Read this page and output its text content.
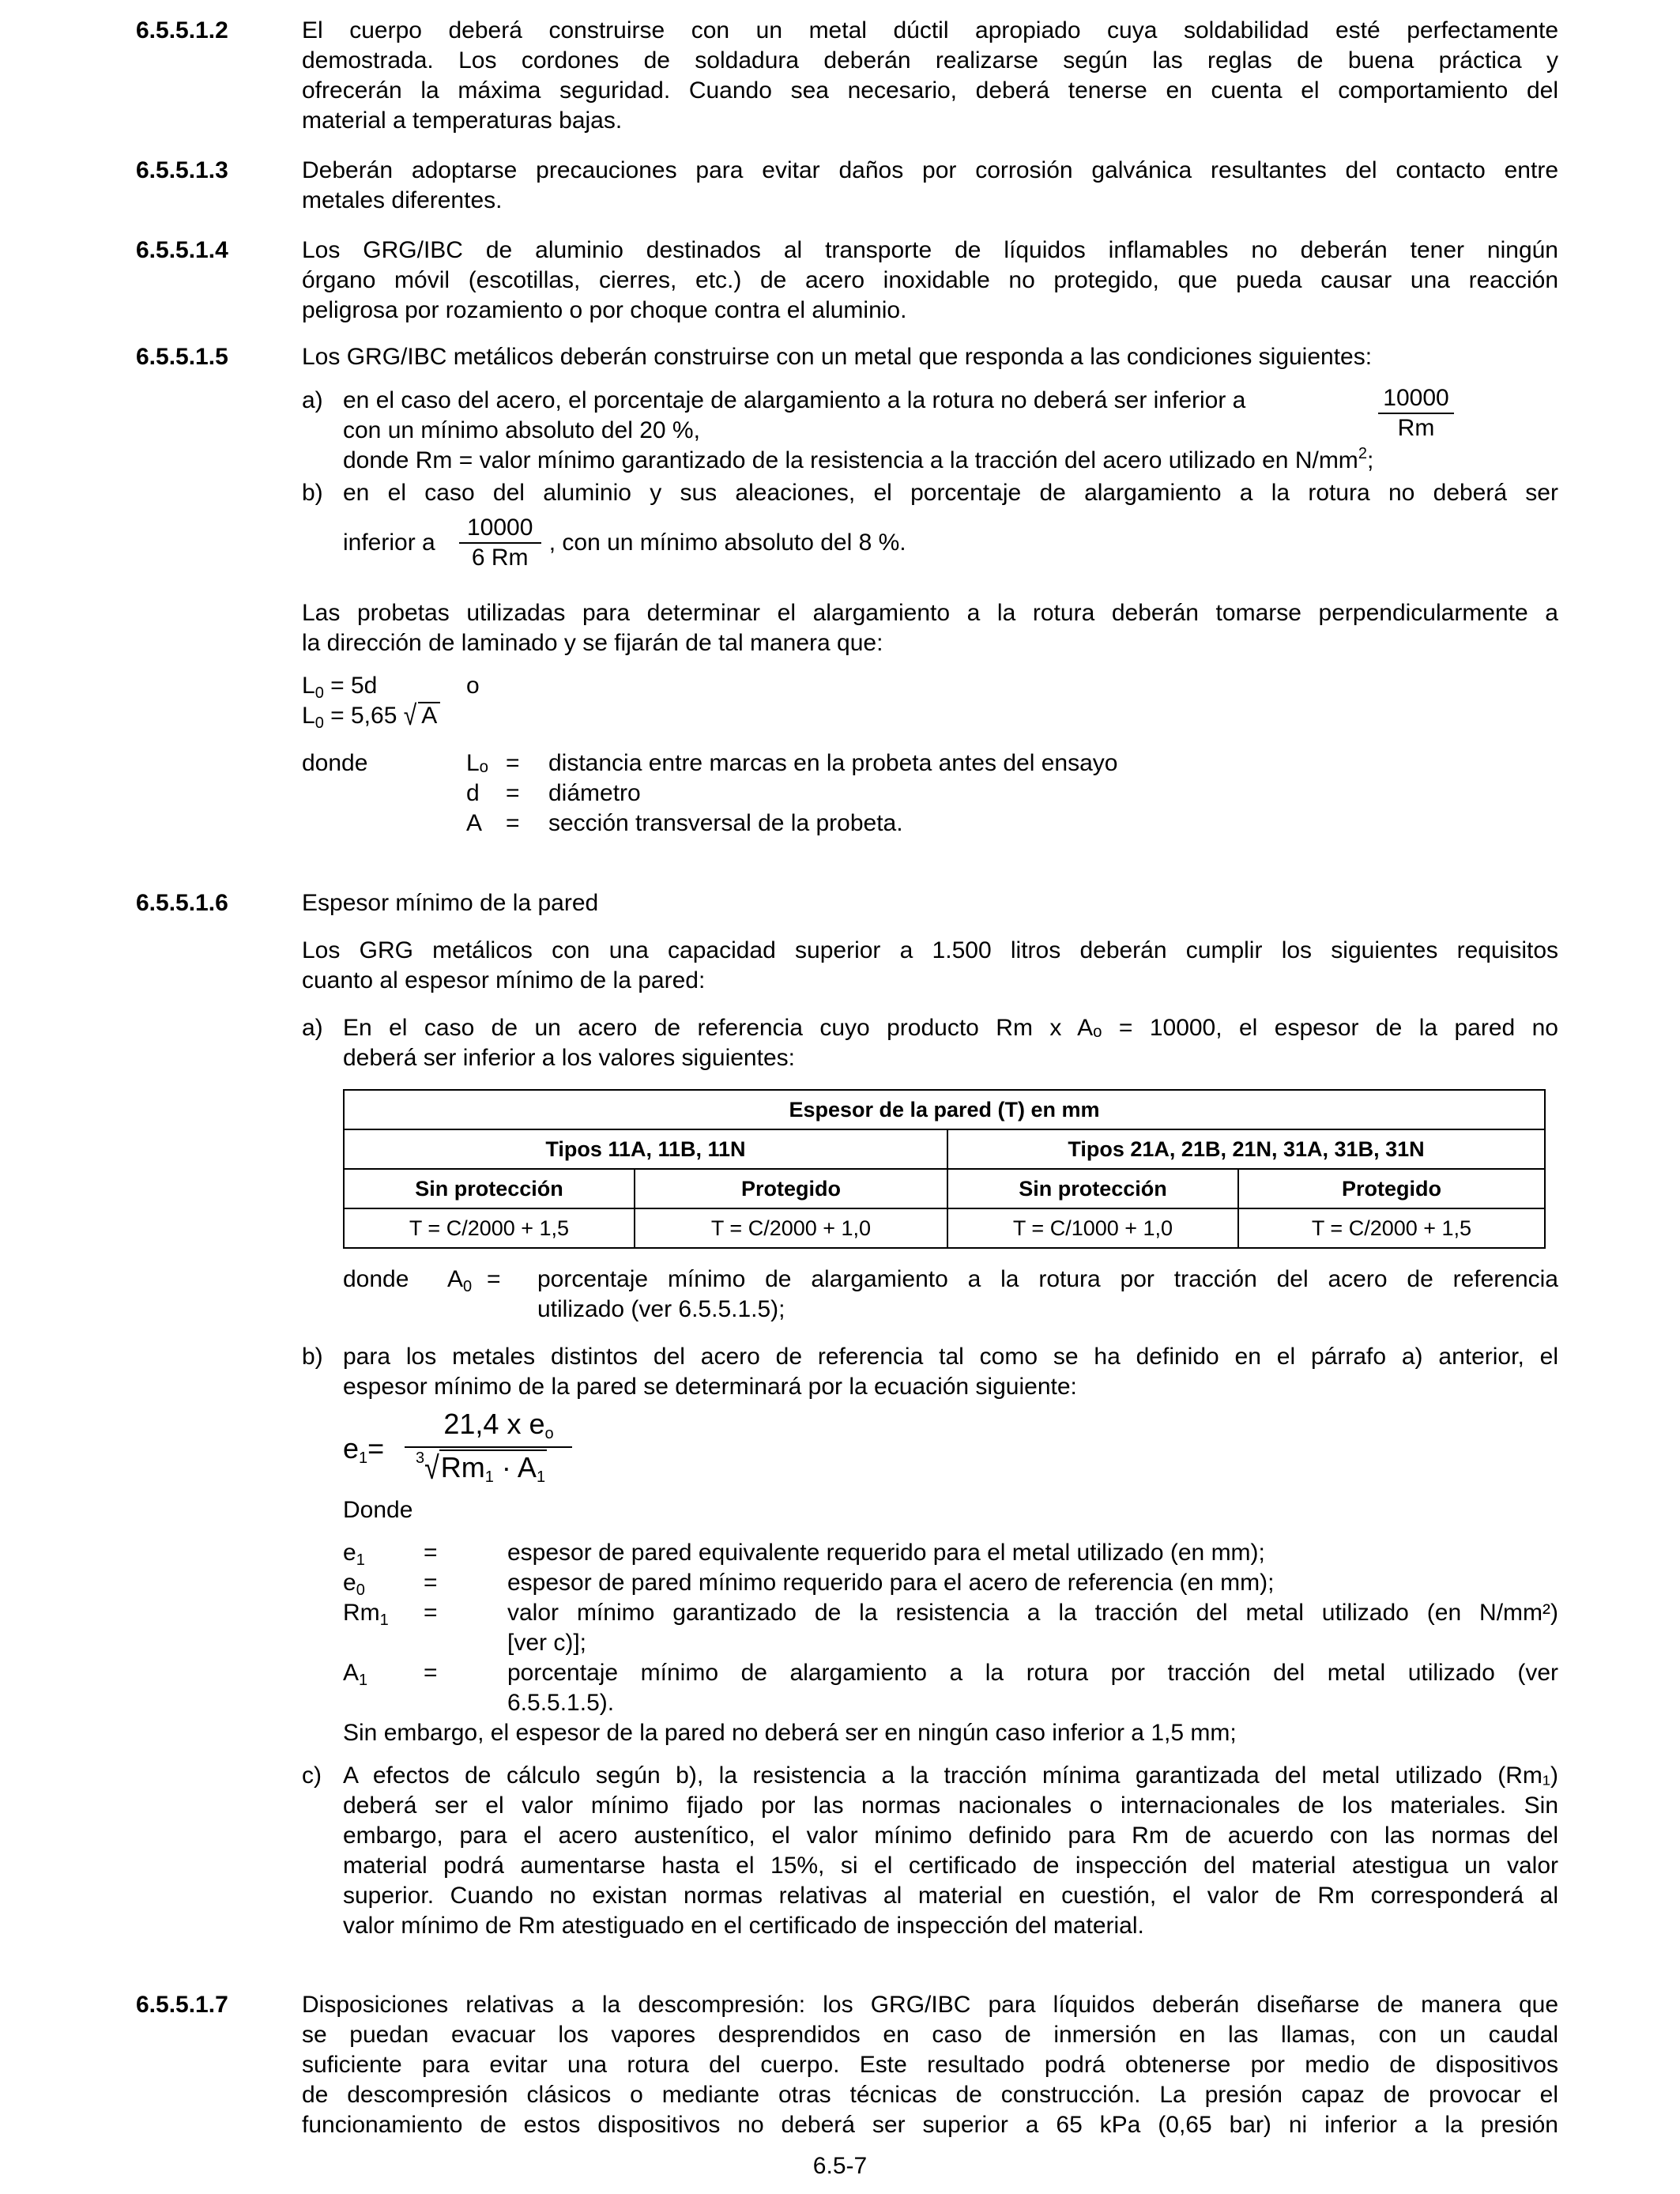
6.5.5.1.2	El cuerpo deberá construirse con un metal dúctil apropiado cuya soldabilidad esté perfectamente

demostrada. Los cordones de soldadura deberán realizarse según las reglas de buena práctica y

ofrecerán la máxima seguridad. Cuando sea necesario, deberá tenerse en cuenta el comportamiento del

material a temperaturas bajas.

6.5.5.1.3	Deberán adoptarse precauciones para evitar daños por corrosión galvánica resultantes del contacto entre

metales diferentes.

6.5.5.1.4	Los GRG/IBC de aluminio destinados al transporte de líquidos inflamables no deberán tener ningún

órgano móvil (escotillas, cierres, etc.) de acero inoxidable no protegido, que pueda causar una reacción

peligrosa por rozamiento o por choque contra el aluminio.

6.5.5.1.5	Los GRG/IBC metálicos deberán construirse con un metal que responda a las condiciones siguientes:

a) en el caso del acero, el porcentaje de alargamiento a la rotura no deberá ser inferior a	$\frac{10000}{Rm}$

con un mínimo absoluto del 20 %,

donde Rm = valor mínimo garantizado de la resistencia a la tracción del acero utilizado en $N/mm^2$;

b) en el caso del aluminio y sus aleaciones, el porcentaje de alargamiento a la rotura no deberá ser

inferior a $\frac{10000}{6 Rm}$ , con un mínimo absoluto del 8 %.

Las probetas utilizadas para determinar el alargamiento a la rotura deberán tomarse perpendicularmente a

la dirección de laminado y se fijarán de tal manera que:

$L_0 = 5d$	o
$L_0 = 5,65$ √ A
donde	Lₒ = distancia entre marcas en la probeta antes del ensayo
d = diámetro
A = sección transversal de la probeta.
6.5.5.1.6	Espesor mínimo de la pared

Los GRG metálicos con una capacidad superior a 1.500 litros deberán cumplir los siguientes requisitos

cuanto al espesor mínimo de la pared:

a) En el caso de un acero de referencia cuyo producto Rm x Aₒ = 10000, el espesor de la pared no

deberá ser inferior a los valores siguientes:

Espesor de la pared (T) en mm			
Tipos 11A, 11B, 11N		Tipos 21A, 21B, 21N, 31A, 31B, 31N	
Sin protección	Protegido	Sin protección	Protegido
T = C/2000 + 1,5	T = C/2000 + 1,0	T = C/1000 + 1,0	T = C/2000 + 1,5
donde $A_0$ = porcentaje mínimo de alargamiento a la rotura por tracción del acero de referencia

utilizado (ver 6.5.5.1.5);

b) para los metales distintos del acero de referencia tal como se ha definido en el párrafo a) anterior, el

espesor mínimo de la pared se determinará por la ecuación siguiente:

$e1= \frac{\text{21,4 x eo}}{^3√Rm1 \cdot A1}$

Donde

$e_1$ =	espesor de pared equivalente requerido para el metal utilizado (en mm);

$e_0$ =	espesor de pared mínimo requerido para el acero de referencia (en mm);

$Rm_1$ =	valor mínimo garantizado de la resistencia a la tracción del metal utilizado (en N/mm²)

[ver c)];

$A_1$ =	porcentaje mínimo de alargamiento a la rotura por tracción del metal utilizado (ver

6.5.5.1.5).

Sin embargo, el espesor de la pared no deberá ser en ningún caso inferior a 1,5 mm;

c) A efectos de cálculo según b), la resistencia a la tracción mínima garantizada del metal utilizado (Rm₁)

deberá ser el valor mínimo fijado por las normas nacionales o internacionales de los materiales. Sin

embargo, para el acero austenítico, el valor mínimo definido para Rm de acuerdo con las normas del

material podrá aumentarse hasta el 15%, si el certificado de inspección del material atestigua un valor

superior. Cuando no existan normas relativas al material en cuestión, el valor de Rm corresponderá al

valor mínimo de Rm atestiguado en el certificado de inspección del material.

6.5.5.1.7	Disposiciones relativas a la descompresión: los GRG/IBC para líquidos deberán diseñarse de manera que

se puedan evacuar los vapores desprendidos en caso de inmersión en las llamas, con un caudal

suficiente para evitar una rotura del cuerpo. Este resultado podrá obtenerse por medio de dispositivos

de descompresión clásicos o mediante otras técnicas de construcción. La presión capaz de provocar el

funcionamiento de estos dispositivos no deberá ser superior a 65 kPa (0,65 bar) ni inferior a la presión

6.5-7
